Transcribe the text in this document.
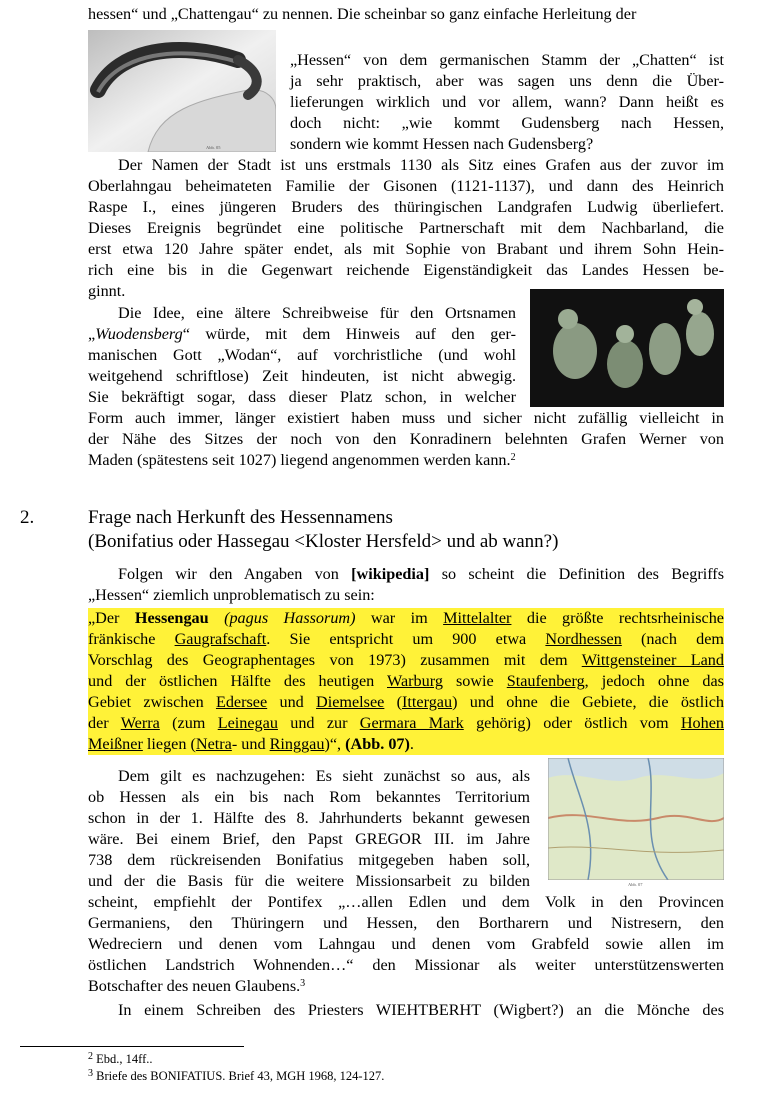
hessen“ und „Chattengau“ zu nennen. Die scheinbar so ganz einfache Herleitung der
Abb. 05
„Hessen“ von dem germanischen Stamm der „Chatten“ ist
ja sehr praktisch, aber was sagen uns denn die Über-
lieferungen wirklich und vor allem, wann? Dann heißt es
doch nicht: „wie kommt Gudensberg nach Hessen,
sondern wie kommt Hessen nach Gudensberg?
Der Namen der Stadt ist uns erstmals 1130 als Sitz eines Grafen aus der zuvor im
Oberlahngau beheimateten Familie der Gisonen (1121-1137), und dann des Heinrich
Raspe I., eines jüngeren Bruders des thüringischen Landgrafen Ludwig überliefert.
Dieses Ereignis begründet eine politische Partnerschaft mit dem Nachbarland, die
erst etwa 120 Jahre später endet, als mit Sophie von Brabant und ihrem Sohn Hein-
rich eine bis in die Gegenwart reichende Eigenständigkeit das Landes Hessen be-
ginnt.
Die Idee, eine ältere Schreibweise für den Ortsnamen
„Wuodensberg“ würde, mit dem Hinweis auf den ger-
manischen Gott „Wodan“, auf vorchristliche (und wohl
weitgehend schriftlose) Zeit hindeuten, ist nicht abwegig.
Sie bekräftigt sogar, dass dieser Platz schon, in welcher
Form auch immer, länger existiert haben muss und sicher nicht zufällig vielleicht in
der Nähe des Sitzes der noch von den Konradinern belehnten Grafen Werner von
Maden (spätestens seit 1027) liegend angenommen werden kann.$^2$
2.	Frage nach Herkunft des Hessennamens
(Bonifatius oder Hassegau <Kloster Hersfeld> und ab wann?)
Folgen wir den Angaben von [wikipedia] so scheint die Definition des Begriffs
„Hessen“ ziemlich unproblematisch zu sein:
„Der Hessengau (pagus Hassorum) war im Mittelalter die größte rechtsrheinische
fränkische Gaugrafschaft. Sie entspricht um 900 etwa Nordhessen (nach dem
Vorschlag des Geographentages von 1973) zusammen mit dem Wittgensteiner Land
und der östlichen Hälfte des heutigen Warburg sowie Staufenberg, jedoch ohne das
Gebiet zwischen Edersee und Diemelsee (Ittergau) und ohne die Gebiete, die östlich
der Werra (zum Leinegau und zur Germara Mark gehörig) oder östlich vom Hohen
Meißner liegen (Netra- und Ringgau)“, (Abb. 07).
Abb. 07
Dem gilt es nachzugehen: Es sieht zunächst so aus, als
ob Hessen als ein bis nach Rom bekanntes Territorium
schon in der 1. Hälfte des 8. Jahrhunderts bekannt gewesen
wäre. Bei einem Brief, den Papst GREGOR III. im Jahre
738 dem rückreisenden Bonifatius mitgegeben haben soll,
und der die Basis für die weitere Missionsarbeit zu bilden
scheint, empfiehlt der Pontifex „…allen Edlen und dem Volk in den Provincen
Germaniens, den Thüringern und Hessen, den Bortharern und Nistresern, den
Wedreciern und denen vom Lahngau und denen vom Grabfeld sowie allen im
östlichen Landstrich Wohnenden…“ den Missionar als weiter unterstützenswerten
Botschafter des neuen Glaubens.$^3$
In einem Schreiben des Priesters WIEHTBERHT (Wigbert?) an die Mönche des
$^2$ Ebd., 14ff..
$^3$ Briefe des BONIFATIUS. Brief 43, MGH 1968, 124-127.
